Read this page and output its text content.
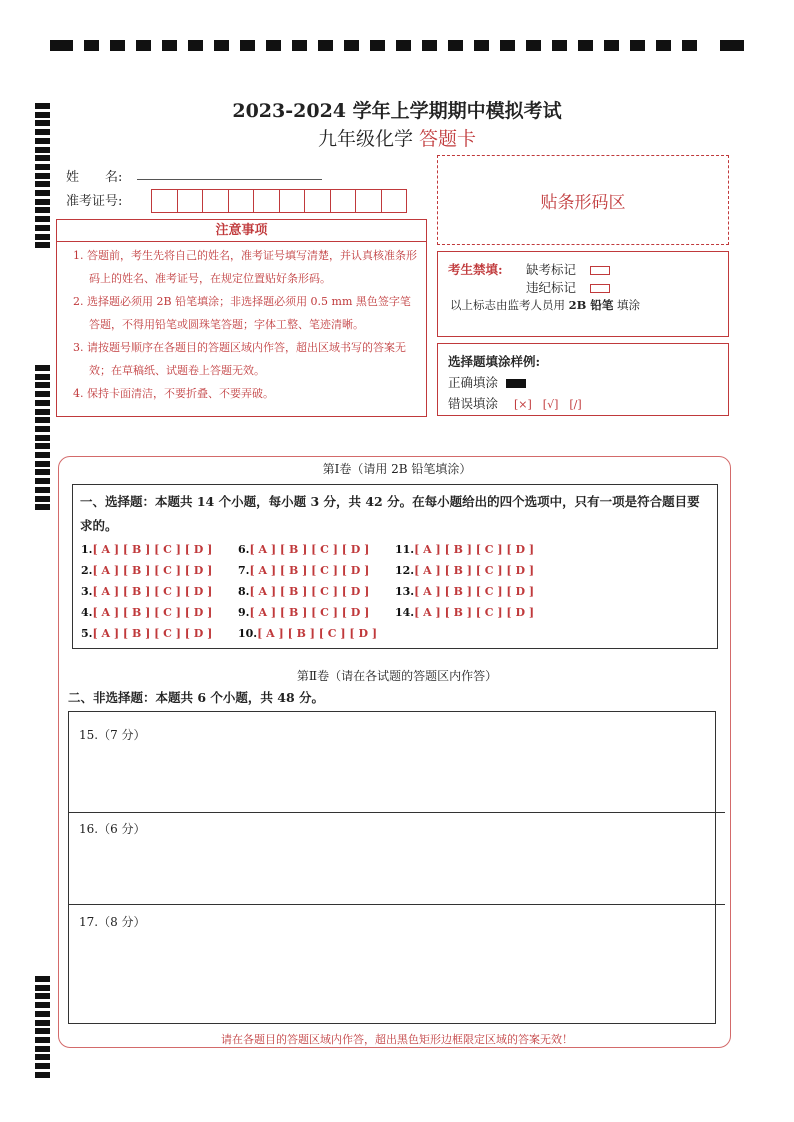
2023-2024 学年上学期期中模拟考试
九年级化学 答题卡
姓　　名:
准考证号:
注意事项
1. 答题前，考生先将自己的姓名，准考证号填写清楚，并认真核准条形码上的姓名、准考证号，在规定位置贴好条形码。
2. 选择题必须用 2B 铅笔填涂；非选择题必须用 0.5 mm 黑色签字笔答题，不得用铅笔或圆珠笔答题；字体工整、笔迹清晰。
3. 请按题号顺序在各题目的答题区域内作答，超出区域书写的答案无效；在草稿纸、试题卷上答题无效。
4. 保持卡面清洁，不要折叠、不要弄破。
贴条形码区
考生禁填: 缺考标记
违纪标记
以上标志由监考人员用 2B 铅笔 填涂
选择题填涂样例:
正确填涂
错误填涂 [×]　[√]　[/]
第Ⅰ卷（请用 2B 铅笔填涂）
一、选择题：本题共 14 个小题，每小题 3 分，共 42 分。在每小题给出的四个选项中，只有一项是符合题目要求的。
1.[ A ] [ B ] [ C ] [ D ]
2.[ A ] [ B ] [ C ] [ D ]
3.[ A ] [ B ] [ C ] [ D ]
4.[ A ] [ B ] [ C ] [ D ]
5.[ A ] [ B ] [ C ] [ D ]
6.[ A ] [ B ] [ C ] [ D ]
7.[ A ] [ B ] [ C ] [ D ]
8.[ A ] [ B ] [ C ] [ D ]
9.[ A ] [ B ] [ C ] [ D ]
10.[ A ] [ B ] [ C ] [ D ]
11.[ A ] [ B ] [ C ] [ D ]
12.[ A ] [ B ] [ C ] [ D ]
13.[ A ] [ B ] [ C ] [ D ]
14.[ A ] [ B ] [ C ] [ D ]
第Ⅱ卷（请在各试题的答题区内作答）
二、非选择题：本题共 6 个小题，共 48 分。
15.（7 分）
16.（6 分）
17.（8 分）
请在各题目的答题区域内作答，超出黑色矩形边框限定区域的答案无效！
